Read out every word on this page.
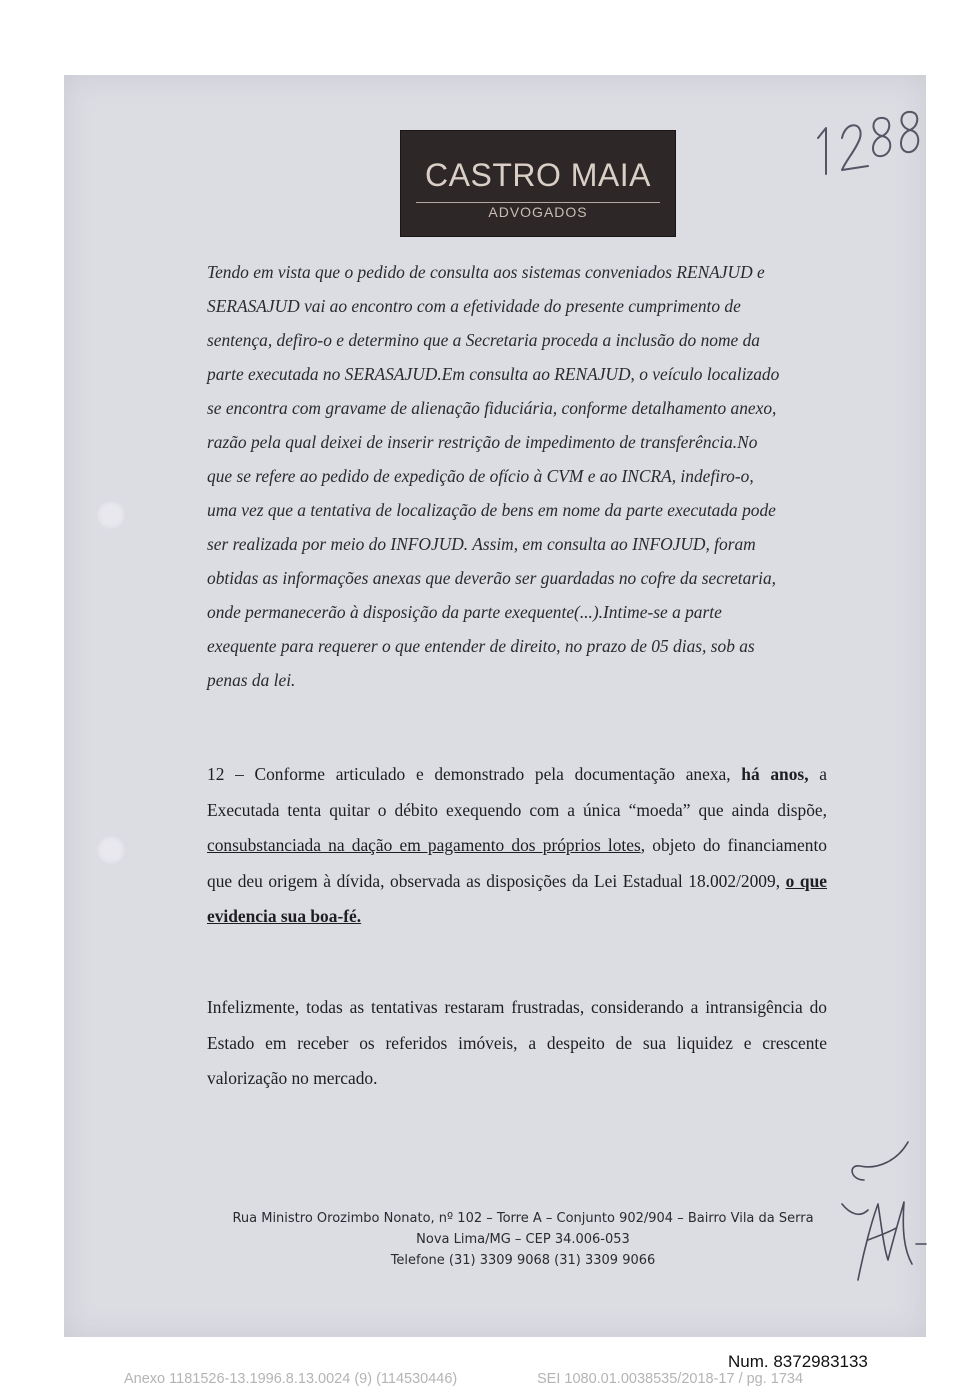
CASTRO MAIA
ADVOGADOS
Tendo em vista que o pedido de consulta aos sistemas conveniados RENAJUD e
SERASAJUD vai ao encontro com a efetividade do presente cumprimento de
sentença, defiro-o e determino que a Secretaria proceda a inclusão do nome da
parte executada no SERASAJUD.Em consulta ao RENAJUD, o veículo localizado
se encontra com gravame de alienação fiduciária, conforme detalhamento anexo,
razão pela qual deixei de inserir restrição de impedimento de transferência.No
que se refere ao pedido de expedição de ofício à CVM e ao INCRA, indefiro-o,
uma vez que a tentativa de localização de bens em nome da parte executada pode
ser realizada por meio do INFOJUD. Assim, em consulta ao INFOJUD, foram
obtidas as informações anexas que deverão ser guardadas no cofre da secretaria,
onde permanecerão à disposição da parte exequente(...).Intime-se a parte
exequente para requerer o que entender de direito, no prazo de 05 dias, sob as
penas da lei.

12 – Conforme articulado e demonstrado pela documentação anexa, há anos, a Executada tenta quitar o débito exequendo com a única “moeda” que ainda dispõe, consubstanciada na dação em pagamento dos próprios lotes, objeto do financiamento que deu origem à dívida, observada as disposições da Lei Estadual 18.002/2009, o que evidencia sua boa-fé.

Infelizmente, todas as tentativas restaram frustradas, considerando a intransigência do Estado em receber os referidos imóveis, a despeito de sua liquidez e crescente valorização no mercado.

Rua Ministro Orozimbo Nonato, nº 102 – Torre A – Conjunto 902/904 – Bairro Vila da Serra
Nova Lima/MG – CEP 34.006-053
Telefone (31) 3309 9068 (31) 3309 9066
Num. 8372983133
Anexo 1181526-13.1996.8.13.0024 (9) (114530446)	SEI 1080.01.0038535/2018-17 / pg. 1734
